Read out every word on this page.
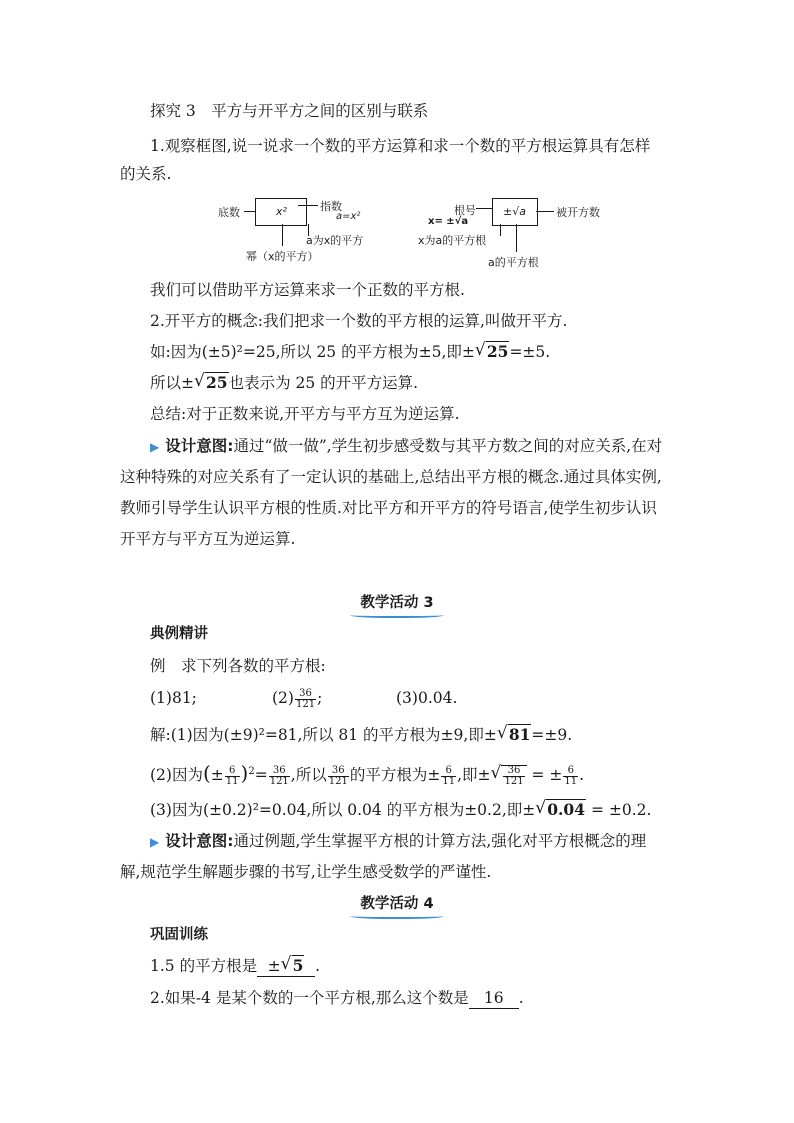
探究 3　平方与开平方之间的区别与联系
1.观察框图,说一说求一个数的平方运算和求一个数的平方根运算具有怎样
的关系.
底数	x²	指数
a=x²
a为x的平方
幂（x的平方）
根号
x= ±√a
±√a	被开方数
x为a的平方根
a的平方根
我们可以借助平方运算来求一个正数的平方根.
2.开平方的概念:我们把求一个数的平方根的运算,叫做开平方.
如:因为(±5)²=25,所以 25 的平方根为±5,即± √ 25=±5.
所以± √ 25也表示为 25 的开平方运算.
总结:对于正数来说,开平方与平方互为逆运算.
▶ 设计意图:通过“做一做”,学生初步感受数与其平方数之间的对应关系,在对
这种特殊的对应关系有了一定认识的基础上,总结出平方根的概念.通过具体实例,
教师引导学生认识平方根的性质.对比平方和开平方的符号语言,使学生初步认识
开平方与平方互为逆运算.
教学活动 3
典例精讲
例　求下列各数的平方根:
(1)81;	$(2) \frac{36}{121}$ ;	(3)0.04.
解:(1)因为(±9)²=81,所以 81 的平方根为±9,即± √ 81=±9.
(2)因为(± $\frac{6}{11} )^2= \frac{36}{121}$ ,所以 $\frac{36}{121}$ 的平方根为± $\frac{6}{11}$ ,即± √ $\frac{36}{121}$ = ± $\frac{6}{11}$ .
(3)因为(±0.2)²=0.04,所以 0.04 的平方根为±0.2,即± √ 0.04 = ±0.2.
▶ 设计意图:通过例题,学生掌握平方根的计算方法,强化对平方根概念的理
解,规范学生解题步骤的书写,让学生感受数学的严谨性.
教学活动 4
巩固训练
1.5 的平方根是 ± √ 5 .
2.如果-4 是某个数的一个平方根,那么这个数是 16 .
